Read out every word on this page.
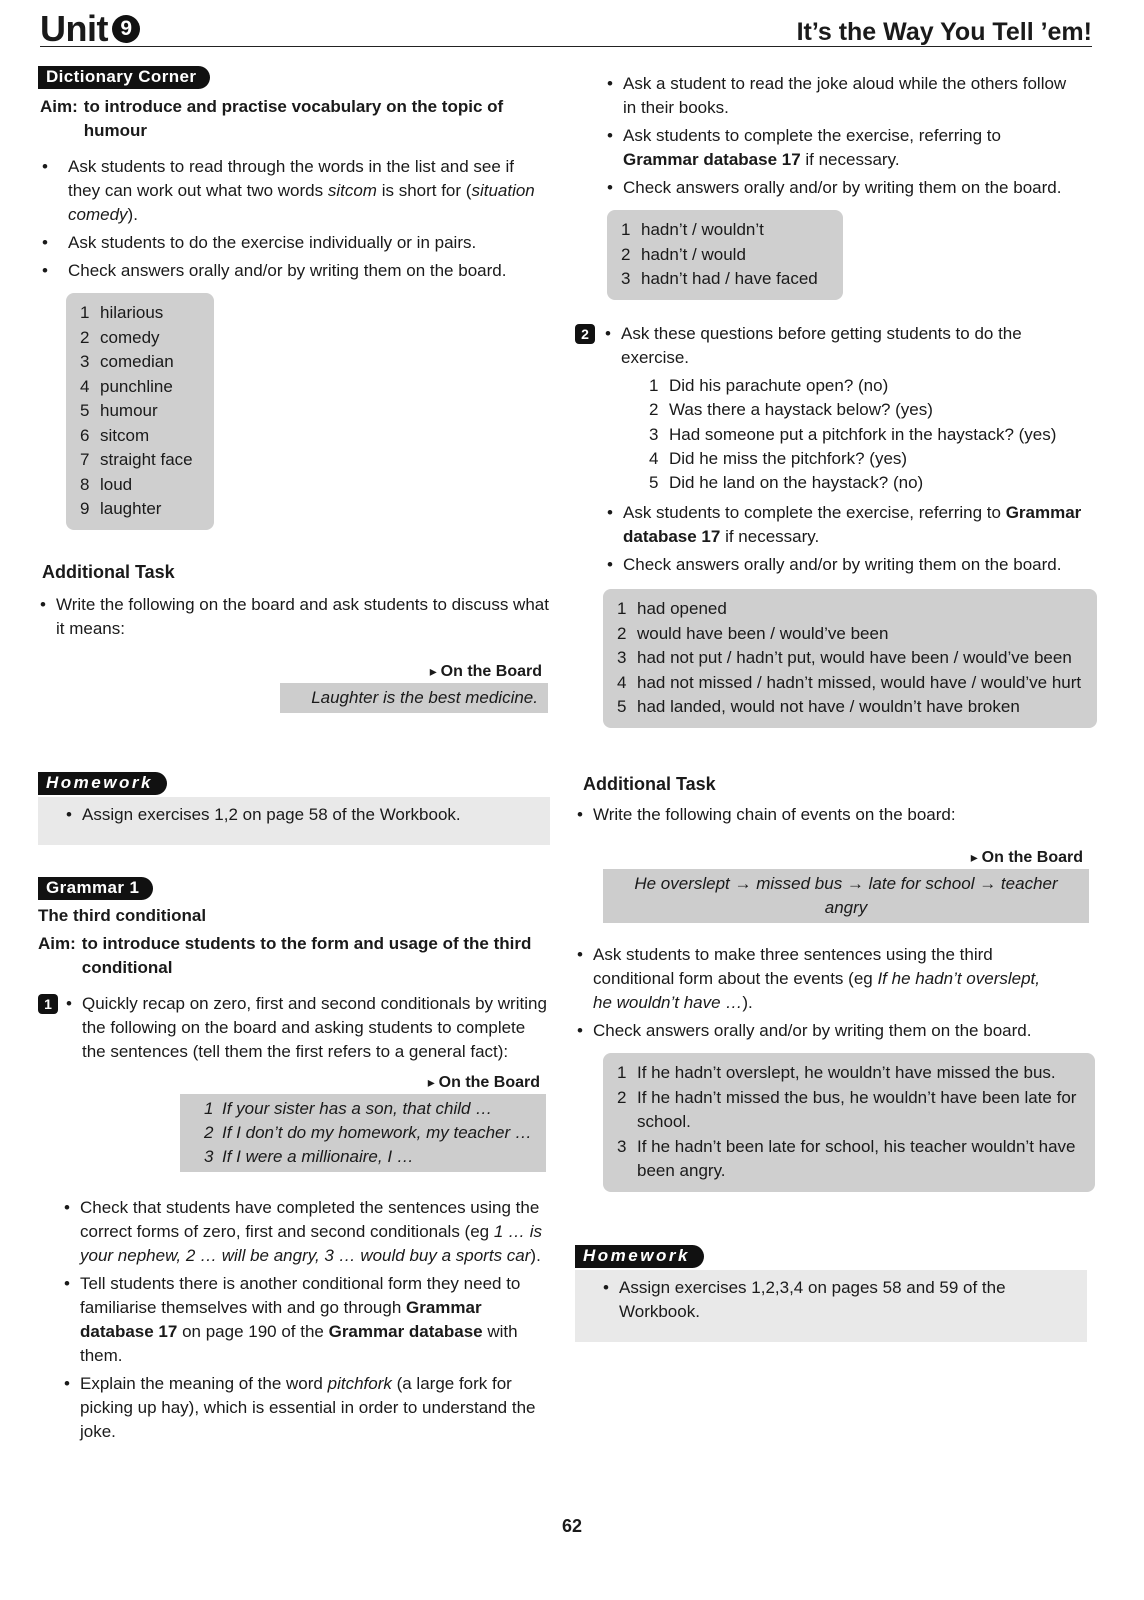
Unit 9	It’s the Way You Tell ’em!
Dictionary Corner
Aim: to introduce and practise vocabulary on the topic of humour
• Ask students to read through the words in the list and see if they can work out what two words sitcom is short for (situation comedy).
• Ask students to do the exercise individually or in pairs.
• Check answers orally and/or by writing them on the board.
1 hilarious
2 comedy
3 comedian
4 punchline
5 humour
6 sitcom
7 straight face
8 loud
9 laughter
Additional Task
• Write the following on the board and ask students to discuss what it means:
▸ On the Board
Laughter is the best medicine.
Homework
• Assign exercises 1,2 on page 58 of the Workbook.
Grammar 1
The third conditional
Aim: to introduce students to the form and usage of the third conditional
1	• Quickly recap on zero, first and second conditionals by writing the following on the board and asking students to complete the sentences (tell them the first refers to a general fact):
▸ On the Board
1 If your sister has a son, that child …
2 If I don’t do my homework, my teacher …
3 If I were a millionaire, I …
• Check that students have completed the sentences using the correct forms of zero, first and second conditionals (eg 1 … is your nephew, 2 … will be angry, 3 … would buy a sports car).
• Tell students there is another conditional form they need to familiarise themselves with and go through Grammar database 17 on page 190 of the Grammar database with them.
• Explain the meaning of the word pitchfork (a large fork for picking up hay), which is essential in order to understand the joke.
• Ask a student to read the joke aloud while the others follow in their books.
• Ask students to complete the exercise, referring to Grammar database 17 if necessary.
• Check answers orally and/or by writing them on the board.
1 hadn’t / wouldn’t
2 hadn’t / would
3 hadn’t had / have faced
2	• Ask these questions before getting students to do the exercise.
1 Did his parachute open? (no)
2 Was there a haystack below? (yes)
3 Had someone put a pitchfork in the haystack? (yes)
4 Did he miss the pitchfork? (yes)
5 Did he land on the haystack? (no)
• Ask students to complete the exercise, referring to Grammar database 17 if necessary.
• Check answers orally and/or by writing them on the board.
1 had opened
2 would have been / would’ve been
3 had not put / hadn’t put, would have been / would’ve been
4 had not missed / hadn’t missed, would have / would’ve hurt
5 had landed, would not have / wouldn’t have broken
Additional Task
• Write the following chain of events on the board:
▸ On the Board
He overslept → missed bus → late for school → teacher angry
• Ask students to make three sentences using the third conditional form about the events (eg If he hadn’t overslept, he wouldn’t have …).
• Check answers orally and/or by writing them on the board.
1 If he hadn’t overslept, he wouldn’t have missed the bus.
2 If he hadn’t missed the bus, he wouldn’t have been late for school.
3 If he hadn’t been late for school, his teacher wouldn’t have been angry.
Homework
• Assign exercises 1,2,3,4 on pages 58 and 59 of the Workbook.
62
